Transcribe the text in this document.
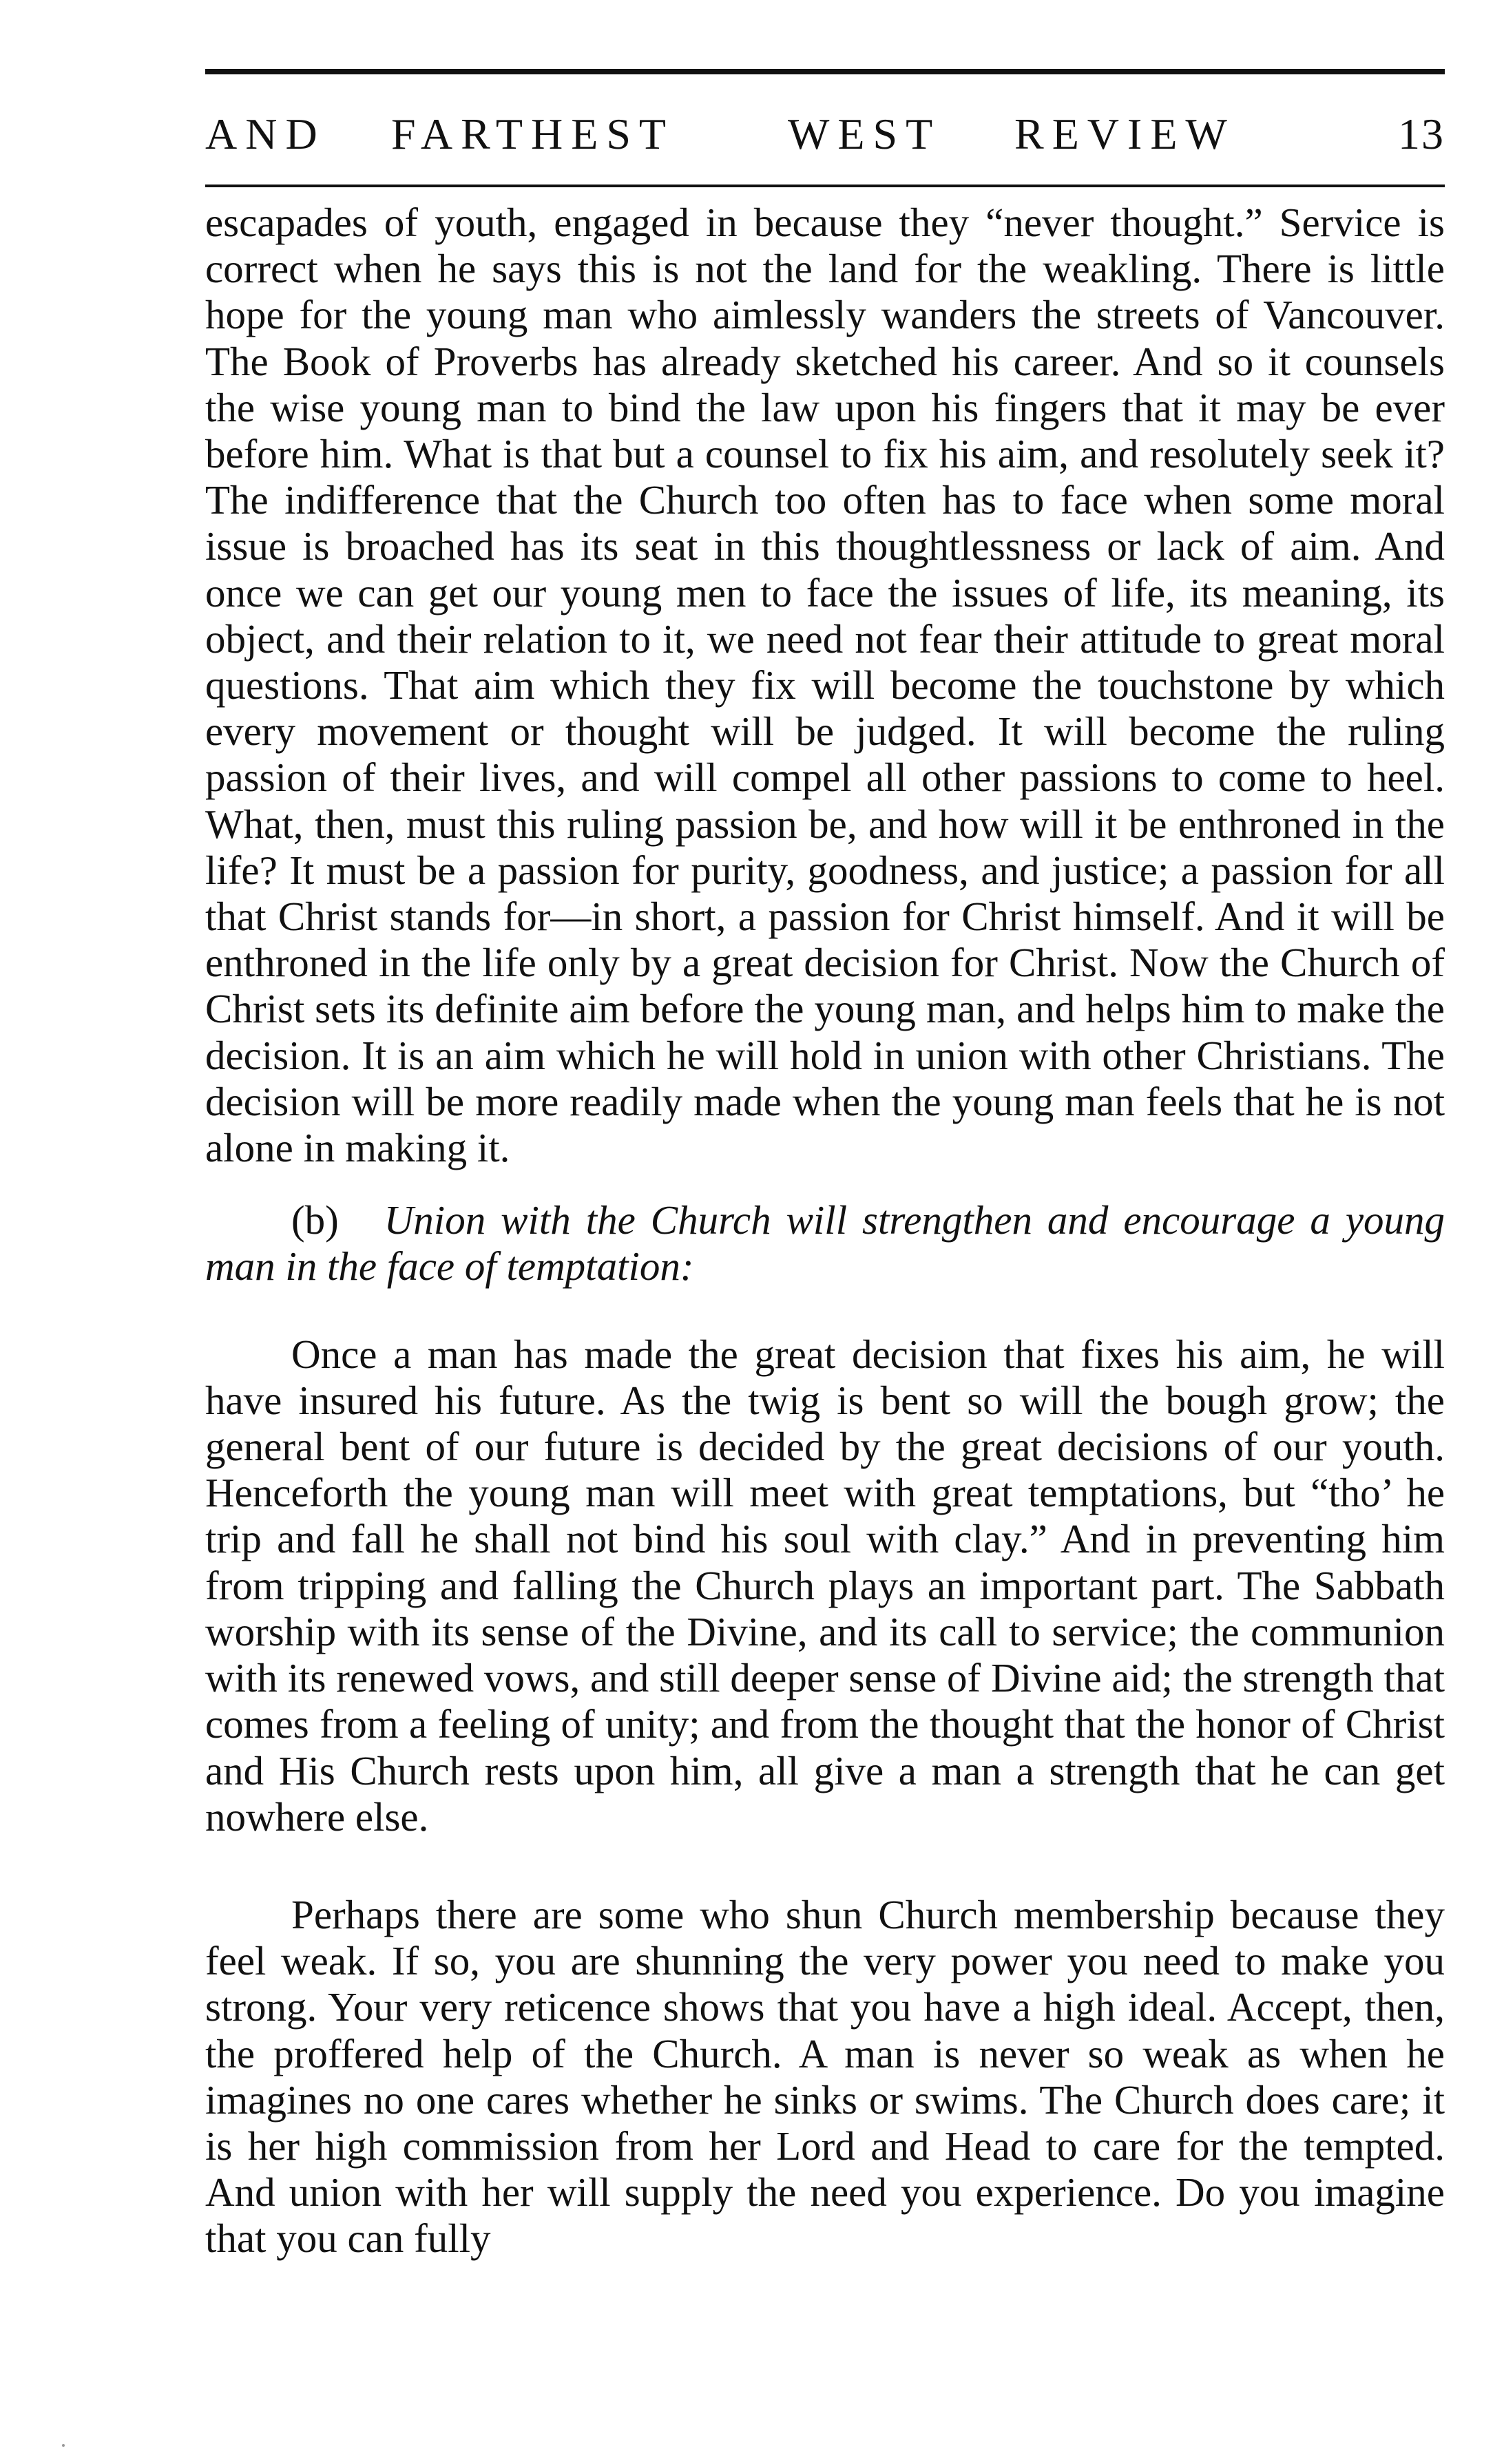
AND FARTHEST	WEST REVIEW	13

escapades of youth, engaged in because they “never thought.” Service is correct when he says this is not the land for the weakling. There is little hope for the young man who aimlessly wanders the streets of Vancouver. The Book of Proverbs has already sketched his career. And so it counsels the wise young man to bind the law upon his fingers that it may be ever before him. What is that but a counsel to fix his aim, and resolutely seek it? The indifference that the Church too often has to face when some moral issue is broached has its seat in this thoughtlessness or lack of aim. And once we can get our young men to face the issues of life, its meaning, its object, and their relation to it, we need not fear their attitude to great moral questions. That aim which they fix will become the touchstone by which every movement or thought will be judged. It will become the ruling passion of their lives, and will compel all other passions to come to heel. What, then, must this ruling passion be, and how will it be enthroned in the life? It must be a passion for purity, goodness, and justice; a passion for all that Christ stands for—in short, a passion for Christ himself. And it will be enthroned in the life only by a great decision for Christ. Now the Church of Christ sets its definite aim before the young man, and helps him to make the decision. It is an aim which he will hold in union with other Christians. The decision will be more readily made when the young man feels that he is not alone in making it.

(b) Union with the Church will strengthen and encourage a young man in the face of temptation:

Once a man has made the great decision that fixes his aim, he will have insured his future. As the twig is bent so will the bough grow; the general bent of our future is decided by the great decisions of our youth. Henceforth the young man will meet with great temptations, but “tho’ he trip and fall he shall not bind his soul with clay.” And in preventing him from tripping and falling the Church plays an important part. The Sabbath worship with its sense of the Divine, and its call to service; the communion with its renewed vows, and still deeper sense of Divine aid; the strength that comes from a feeling of unity; and from the thought that the honor of Christ and His Church rests upon him, all give a man a strength that he can get nowhere else.

Perhaps there are some who shun Church membership because they feel weak. If so, you are shunning the very power you need to make you strong. Your very reticence shows that you have a high ideal. Accept, then, the proffered help of the Church. A man is never so weak as when he imagines no one cares whether he sinks or swims. The Church does care; it is her high commission from her Lord and Head to care for the tempted. And union with her will supply the need you experience. Do you imagine that you can fully
